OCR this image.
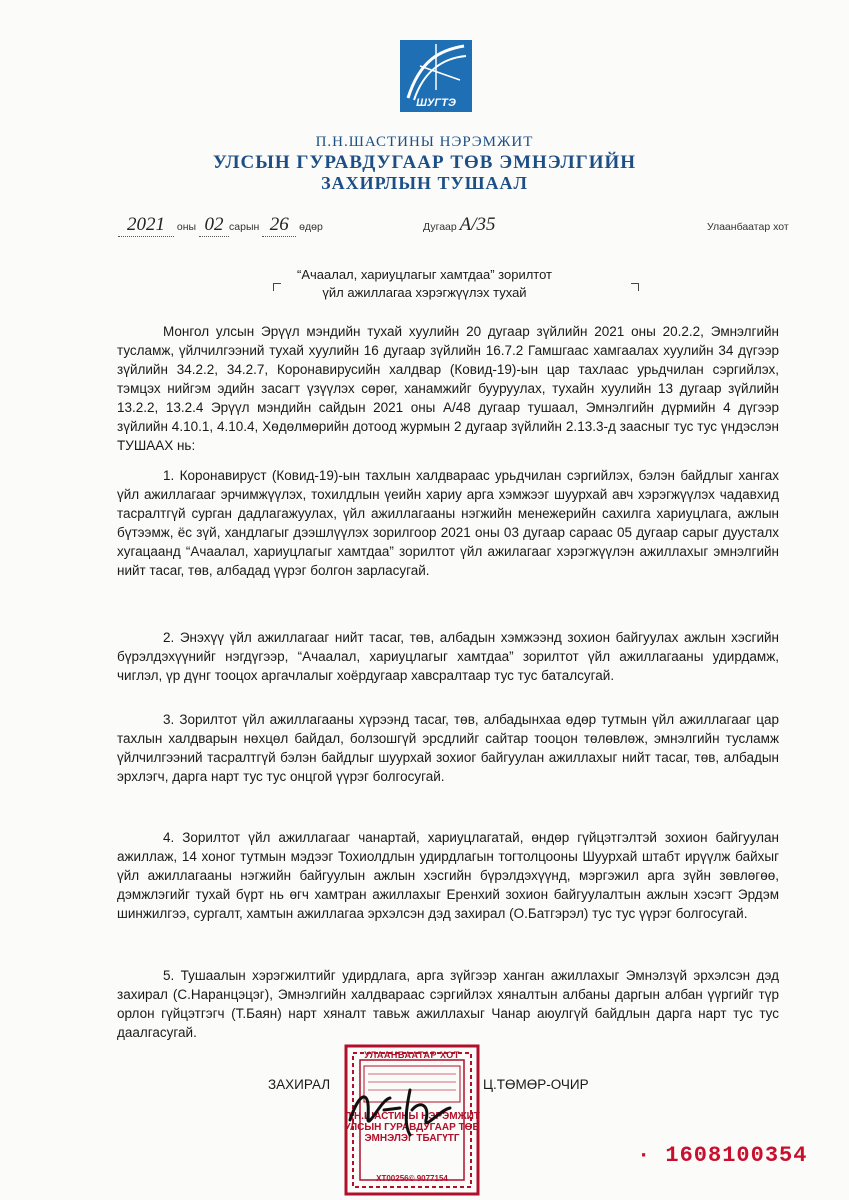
ШУГТЭ
П.Н.ШАСТИНЫ НЭРЭМЖИТ
УЛСЫН ГУРАВДУГААР ТӨВ ЭМНЭЛГИЙН
ЗАХИРЛЫН ТУШААЛ
2021 оны 02 сарын 26 өдөр	Дугаар А/35	Улаанбаатар хот
“Ачаалал, хариуцлагыг хамтдаа” зорилтот
үйл ажиллагаа хэрэгжүүлэх тухай

Монгол улсын Эрүүл мэндийн тухай хуулийн 20 дугаар зүйлийн 2021 оны 20.2.2, Эмнэлгийн тусламж, үйлчилгээний тухай хуулийн 16 дугаар зүйлийн 16.7.2 Гамшгаас хамгаалах хуулийн 34 дүгээр зүйлийн 34.2.2, 34.2.7, Коронавирусийн халдвар (Ковид-19)-ын цар тахлаас урьдчилан сэргийлэх, тэмцэх нийгэм эдийн засагт үзүүлэх сөрөг, ханамжийг бууруулах, тухайн хуулийн 13 дугаар зүйлийн 13.2.2, 13.2.4 Эрүүл мэндийн сайдын 2021 оны А/48 дугаар тушаал, Эмнэлгийн дүрмийн 4 дүгээр зүйлийн 4.10.1, 4.10.4, Хөдөлмөрийн дотоод журмын 2 дугаар зүйлийн 2.13.3-д заасныг тус тус үндэслэн ТУШААХ нь:

1. Коронавируст (Ковид-19)-ын тахлын халдвараас урьдчилан сэргийлэх, бэлэн байдлыг хангах үйл ажиллагааг эрчимжүүлэх, тохилдлын үеийн хариу арга хэмжээг шуурхай авч хэрэгжүүлэх чадавхид тасралтгүй сурган дадлагажуулах, үйл ажиллагааны нэгжийн менежерийн сахилга хариуцлага, ажлын бүтээмж, ёс зүй, хандлагыг дээшлүүлэх зорилгоор 2021 оны 03 дугаар сараас 05 дугаар сарыг дуусталх хугацаанд “Ачаалал, хариуцлагыг хамтдаа” зорилтот үйл ажилагааг хэрэгжүүлэн ажиллахыг эмнэлгийн нийт тасаг, төв, албадад үүрэг болгон зарласугай.

2. Энэхүү үйл ажиллагааг нийт тасаг, төв, албадын хэмжээнд зохион байгуулах ажлын хэсгийн бүрэлдэхүүнийг нэгдүгээр, “Ачаалал, хариуцлагыг хамтдаа” зорилтот үйл ажиллагааны удирдамж, чиглэл, үр дүнг тооцох аргачлалыг хоёрдугаар хавсралтаар тус тус баталсугай.

3. Зорилтот үйл ажиллагааны хүрээнд тасаг, төв, албадынхаа өдөр тутмын үйл ажиллагааг цар тахлын халдварын нөхцөл байдал, болзошгүй эрсдлийг сайтар тооцон төлөвлөж, эмнэлгийн тусламж үйлчилгээний тасралтгүй бэлэн байдлыг шуурхай зохиог байгуулан ажиллахыг нийт тасаг, төв, албадын эрхлэгч, дарга нарт тус тус онцгой үүрэг болгосугай.

4. Зорилтот үйл ажиллагааг чанартай, хариуцлагатай, өндөр гүйцэтгэлтэй зохион байгуулан ажиллаж, 14 хоног тутмын мэдээг Тохиолдлын удирдлагын тогтолцооны Шуурхай штабт ирүүлж байхыг үйл ажиллагааны нэгжийн байгуулын ажлын хэсгийн бүрэлдэхүүнд, мэргэжил арга зүйн зөвлөгөө, дэмжлэгийг тухай бүрт нь өгч хамтран ажиллахыг Еренхий зохион байгуулалтын ажлын хэсэгт Эрдэм шинжилгээ, сургалт, хамтын ажиллагаа эрхэлсэн дэд захирал (О.Батгэрэл) тус тус үүрэг болгосугай.

5. Тушаалын хэрэгжилтийг удирдлага, арга зүйгээр ханган ажиллахыг Эмнэлзүй эрхэлсэн дэд захирал (С.Наранцэцэг), Эмнэлгийн халдвараас сэргийлэх хяналтын албаны даргын албан үүргийг түр орлон гүйцэтгэгч (Т.Баян) нарт хяналт тавьж ажиллахыг Чанар аюулгүй байдлын дарга нарт тус тус даалгасугай.

УЛААНБААТАР ХОТ
П.Н.ШАСТИНЫ НЭРЭМЖИТ УЛСЫН ГУРАВДУГААР ТӨВ ЭМНЭЛЭГ ТБАГҮТГ
ХТ00256© 9077154
ЗАХИРАЛ	Ц.ТӨМӨР-ОЧИР
· 1608100354
